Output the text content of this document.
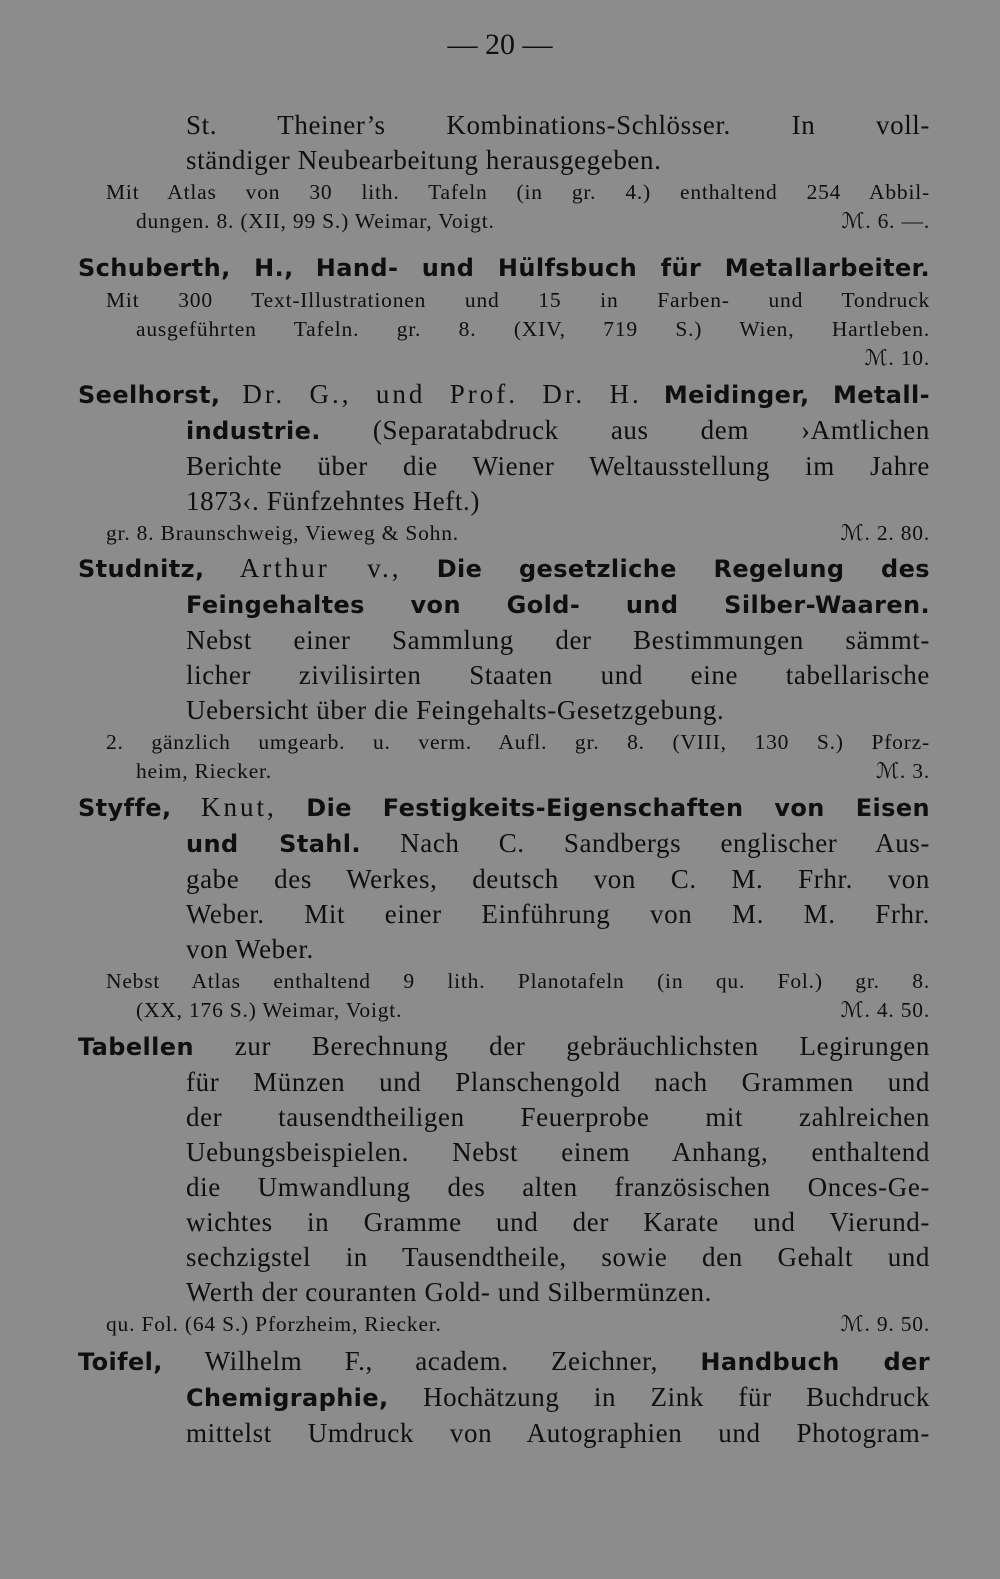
— 20 —
St. Theiner’s Kombinations-Schlösser. In voll-
ständiger Neubearbeitung herausgegeben.
Mit Atlas von 30 lith. Tafeln (in gr. 4.) enthaltend 254 Abbil-
dungen. 8. (XII, 99 S.) Weimar, Voigt.	ℳ. 6. —.
Schuberth, H., Hand- und Hülfsbuch für Metallarbeiter.
Mit 300 Text-Illustrationen und 15 in Farben- und Tondruck
ausgeführten Tafeln. gr. 8. (XIV, 719 S.) Wien, Hartleben.
ℳ. 10.
Seelhorst, Dr. G., und Prof. Dr. H. Meidinger, Metall-
industrie. (Separatabdruck aus dem ›Amtlichen
Berichte über die Wiener Weltausstellung im Jahre
1873‹. Fünfzehntes Heft.)
gr. 8. Braunschweig, Vieweg & Sohn.	ℳ. 2. 80.
Studnitz, Arthur v., Die gesetzliche Regelung des
Feingehaltes von Gold- und Silber-Waaren.
Nebst einer Sammlung der Bestimmungen sämmt-
licher zivilisirten Staaten und eine tabellarische
Uebersicht über die Feingehalts-Gesetzgebung.
2. gänzlich umgearb. u. verm. Aufl. gr. 8. (VIII, 130 S.) Pforz-
heim, Riecker.	ℳ. 3.
Styffe, Knut, Die Festigkeits-Eigenschaften von Eisen
und Stahl. Nach C. Sandbergs englischer Aus-
gabe des Werkes, deutsch von C. M. Frhr. von
Weber. Mit einer Einführung von M. M. Frhr.
von Weber.
Nebst Atlas enthaltend 9 lith. Planotafeln (in qu. Fol.) gr. 8.
(XX, 176 S.) Weimar, Voigt.	ℳ. 4. 50.
Tabellen zur Berechnung der gebräuchlichsten Legirungen
für Münzen und Planschengold nach Grammen und
der tausendtheiligen Feuerprobe mit zahlreichen
Uebungsbeispielen. Nebst einem Anhang, enthaltend
die Umwandlung des alten französischen Onces-Ge-
wichtes in Gramme und der Karate und Vierund-
sechzigstel in Tausendtheile, sowie den Gehalt und
Werth der couranten Gold- und Silbermünzen.
qu. Fol. (64 S.) Pforzheim, Riecker.	ℳ. 9. 50.
Toifel, Wilhelm F., academ. Zeichner, Handbuch der
Chemigraphie, Hochätzung in Zink für Buchdruck
mittelst Umdruck von Autographien und Photogram-
